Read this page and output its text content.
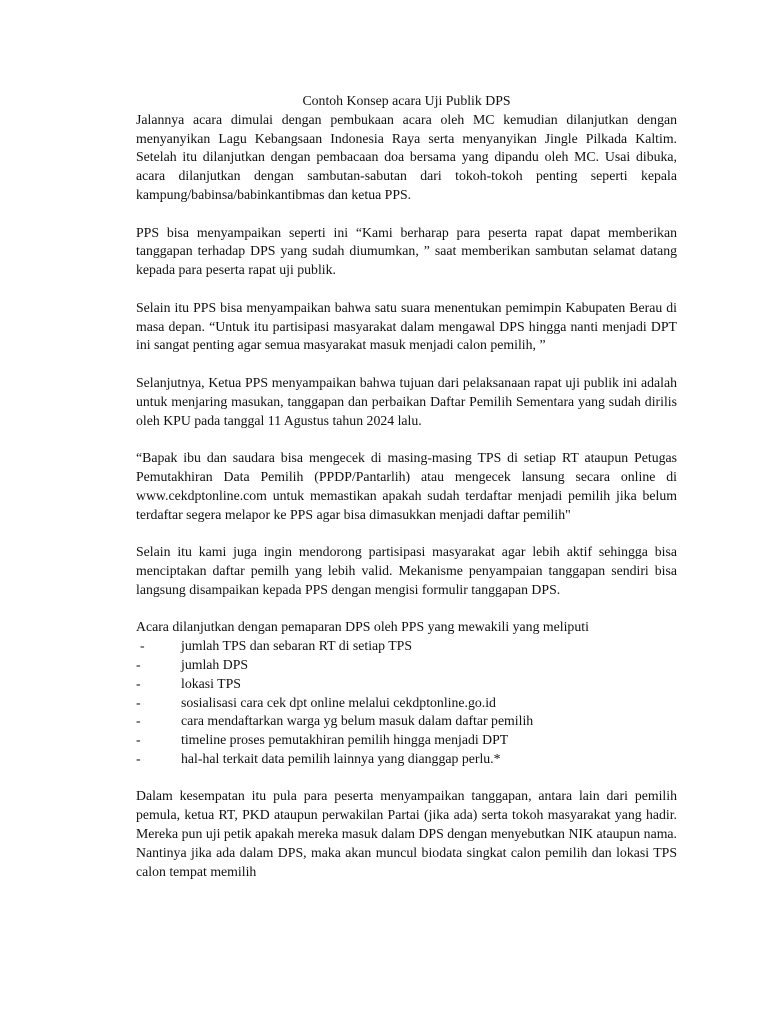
Contoh Konsep acara Uji Publik DPS

Jalannya acara dimulai dengan pembukaan acara oleh MC kemudian dilanjutkan dengan menyanyikan Lagu Kebangsaan Indonesia Raya serta menyanyikan Jingle Pilkada Kaltim. Setelah itu dilanjutkan dengan pembacaan doa bersama yang dipandu oleh MC. Usai dibuka, acara dilanjutkan dengan sambutan-sabutan dari tokoh-tokoh penting seperti kepala kampung/babinsa/babinkantibmas dan ketua PPS.

PPS bisa menyampaikan seperti ini “Kami berharap para peserta rapat dapat memberikan tanggapan terhadap DPS yang sudah diumumkan, ” saat memberikan sambutan selamat datang kepada para peserta rapat uji publik.

Selain itu PPS bisa menyampaikan bahwa satu suara menentukan pemimpin Kabupaten Berau di masa depan. “Untuk itu partisipasi masyarakat dalam mengawal DPS hingga nanti menjadi DPT ini sangat penting agar semua masyarakat masuk menjadi calon pemilih, ”

Selanjutnya, Ketua PPS menyampaikan bahwa tujuan dari pelaksanaan rapat uji publik ini adalah untuk menjaring masukan, tanggapan dan perbaikan Daftar Pemilih Sementara yang sudah dirilis oleh KPU pada tanggal 11 Agustus tahun 2024 lalu.

“Bapak ibu dan saudara bisa mengecek di masing-masing TPS di setiap RT ataupun Petugas Pemutakhiran Data Pemilih (PPDP/Pantarlih) atau mengecek lansung secara online di www.cekdptonline.com untuk memastikan apakah sudah terdaftar menjadi pemilih jika belum terdaftar segera melapor ke PPS agar bisa dimasukkan menjadi daftar pemilih"

Selain itu kami juga ingin mendorong partisipasi masyarakat agar lebih aktif sehingga bisa menciptakan daftar pemilh yang lebih valid. Mekanisme penyampaian tanggapan sendiri bisa langsung disampaikan kepada PPS dengan mengisi formulir tanggapan DPS.

Acara dilanjutkan dengan pemaparan DPS oleh PPS yang mewakili yang meliputi

-	jumlah TPS dan sebaran RT di setiap TPS
-	jumlah DPS
-	lokasi TPS
-	sosialisasi cara cek dpt online melalui cekdptonline.go.id
-	cara mendaftarkan warga yg belum masuk dalam daftar pemilih
-	timeline proses pemutakhiran pemilih hingga menjadi DPT
-	hal-hal terkait data pemilih lainnya yang dianggap perlu.*

Dalam kesempatan itu pula para peserta menyampaikan tanggapan, antara lain dari pemilih pemula, ketua RT, PKD ataupun perwakilan Partai (jika ada) serta tokoh masyarakat yang hadir. Mereka pun uji petik apakah mereka masuk dalam DPS dengan menyebutkan NIK ataupun nama. Nantinya jika ada dalam DPS, maka akan muncul biodata singkat calon pemilih dan lokasi TPS calon tempat memilih
